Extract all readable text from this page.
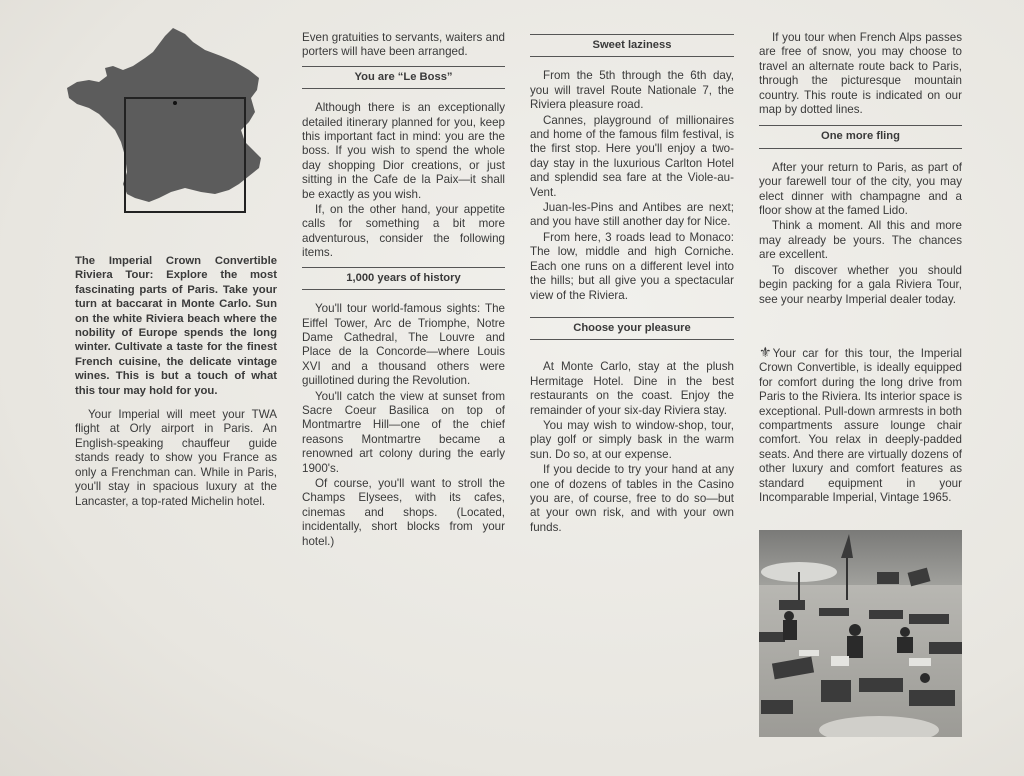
The Imperial Crown Convertible Riviera Tour: Explore the most fascinating parts of Paris. Take your turn at baccarat in Monte Carlo. Sun on the white Riviera beach where the nobility of Europe spends the long winter. Cultivate a taste for the finest French cuisine, the delicate vintage wines. This is but a touch of what this tour may hold for you.

Your Imperial will meet your TWA flight at Orly airport in Paris. An English-speaking chauffeur guide stands ready to show you France as only a Frenchman can. While in Paris, you'll stay in spacious luxury at the Lancaster, a top-rated Michelin hotel.

Even gratuities to servants, waiters and porters will have been arranged.

You are “Le Boss”

Although there is an exceptionally detailed itinerary planned for you, keep this important fact in mind: you are the boss. If you wish to spend the whole day shopping Dior creations, or just sitting in the Cafe de la Paix—it shall be exactly as you wish.

If, on the other hand, your appetite calls for something a bit more adventurous, consider the following items.

1,000 years of history

You'll tour world-famous sights: The Eiffel Tower, Arc de Triomphe, Notre Dame Cathedral, The Louvre and Place de la Concorde—where Louis XVI and a thousand others were guillotined during the Revolution.

You'll catch the view at sunset from Sacre Coeur Basilica on top of Montmartre Hill—one of the chief reasons Montmartre became a renowned art colony during the early 1900's.

Of course, you'll want to stroll the Champs Elysees, with its cafes, cinemas and shops. (Located, incidentally, short blocks from your hotel.)

Sweet laziness

From the 5th through the 6th day, you will travel Route Nationale 7, the Riviera pleasure road.

Cannes, playground of millionaires and home of the famous film festival, is the first stop. Here you'll enjoy a two-day stay in the luxurious Carlton Hotel and splendid sea fare at the Viole-au-Vent.

Juan-les-Pins and Antibes are next; and you have still another day for Nice.

From here, 3 roads lead to Monaco: The low, middle and high Corniche. Each one runs on a different level into the hills; but all give you a spectacular view of the Riviera.

Choose your pleasure

At Monte Carlo, stay at the plush Hermitage Hotel. Dine in the best restaurants on the coast. Enjoy the remainder of your six-day Riviera stay.

You may wish to window-shop, tour, play golf or simply bask in the warm sun. Do so, at our expense.

If you decide to try your hand at any one of dozens of tables in the Casino you are, of course, free to do so—but at your own risk, and with your own funds.

If you tour when French Alps passes are free of snow, you may choose to travel an alternate route back to Paris, through the picturesque mountain country. This route is indicated on our map by dotted lines.

One more fling

After your return to Paris, as part of your farewell tour of the city, you may elect dinner with champagne and a floor show at the famed Lido.

Think a moment. All this and more may already be yours. The chances are excellent.

To discover whether you should begin packing for a gala Riviera Tour, see your nearby Imperial dealer today.

⚜Your car for this tour, the Imperial Crown Convertible, is ideally equipped for comfort during the long drive from Paris to the Riviera. Its interior space is exceptional. Pull-down armrests in both compartments assure lounge chair comfort. You relax in deeply-padded seats. And there are virtually dozens of other luxury and comfort features as standard equipment in your Incomparable Imperial, Vintage 1965.
